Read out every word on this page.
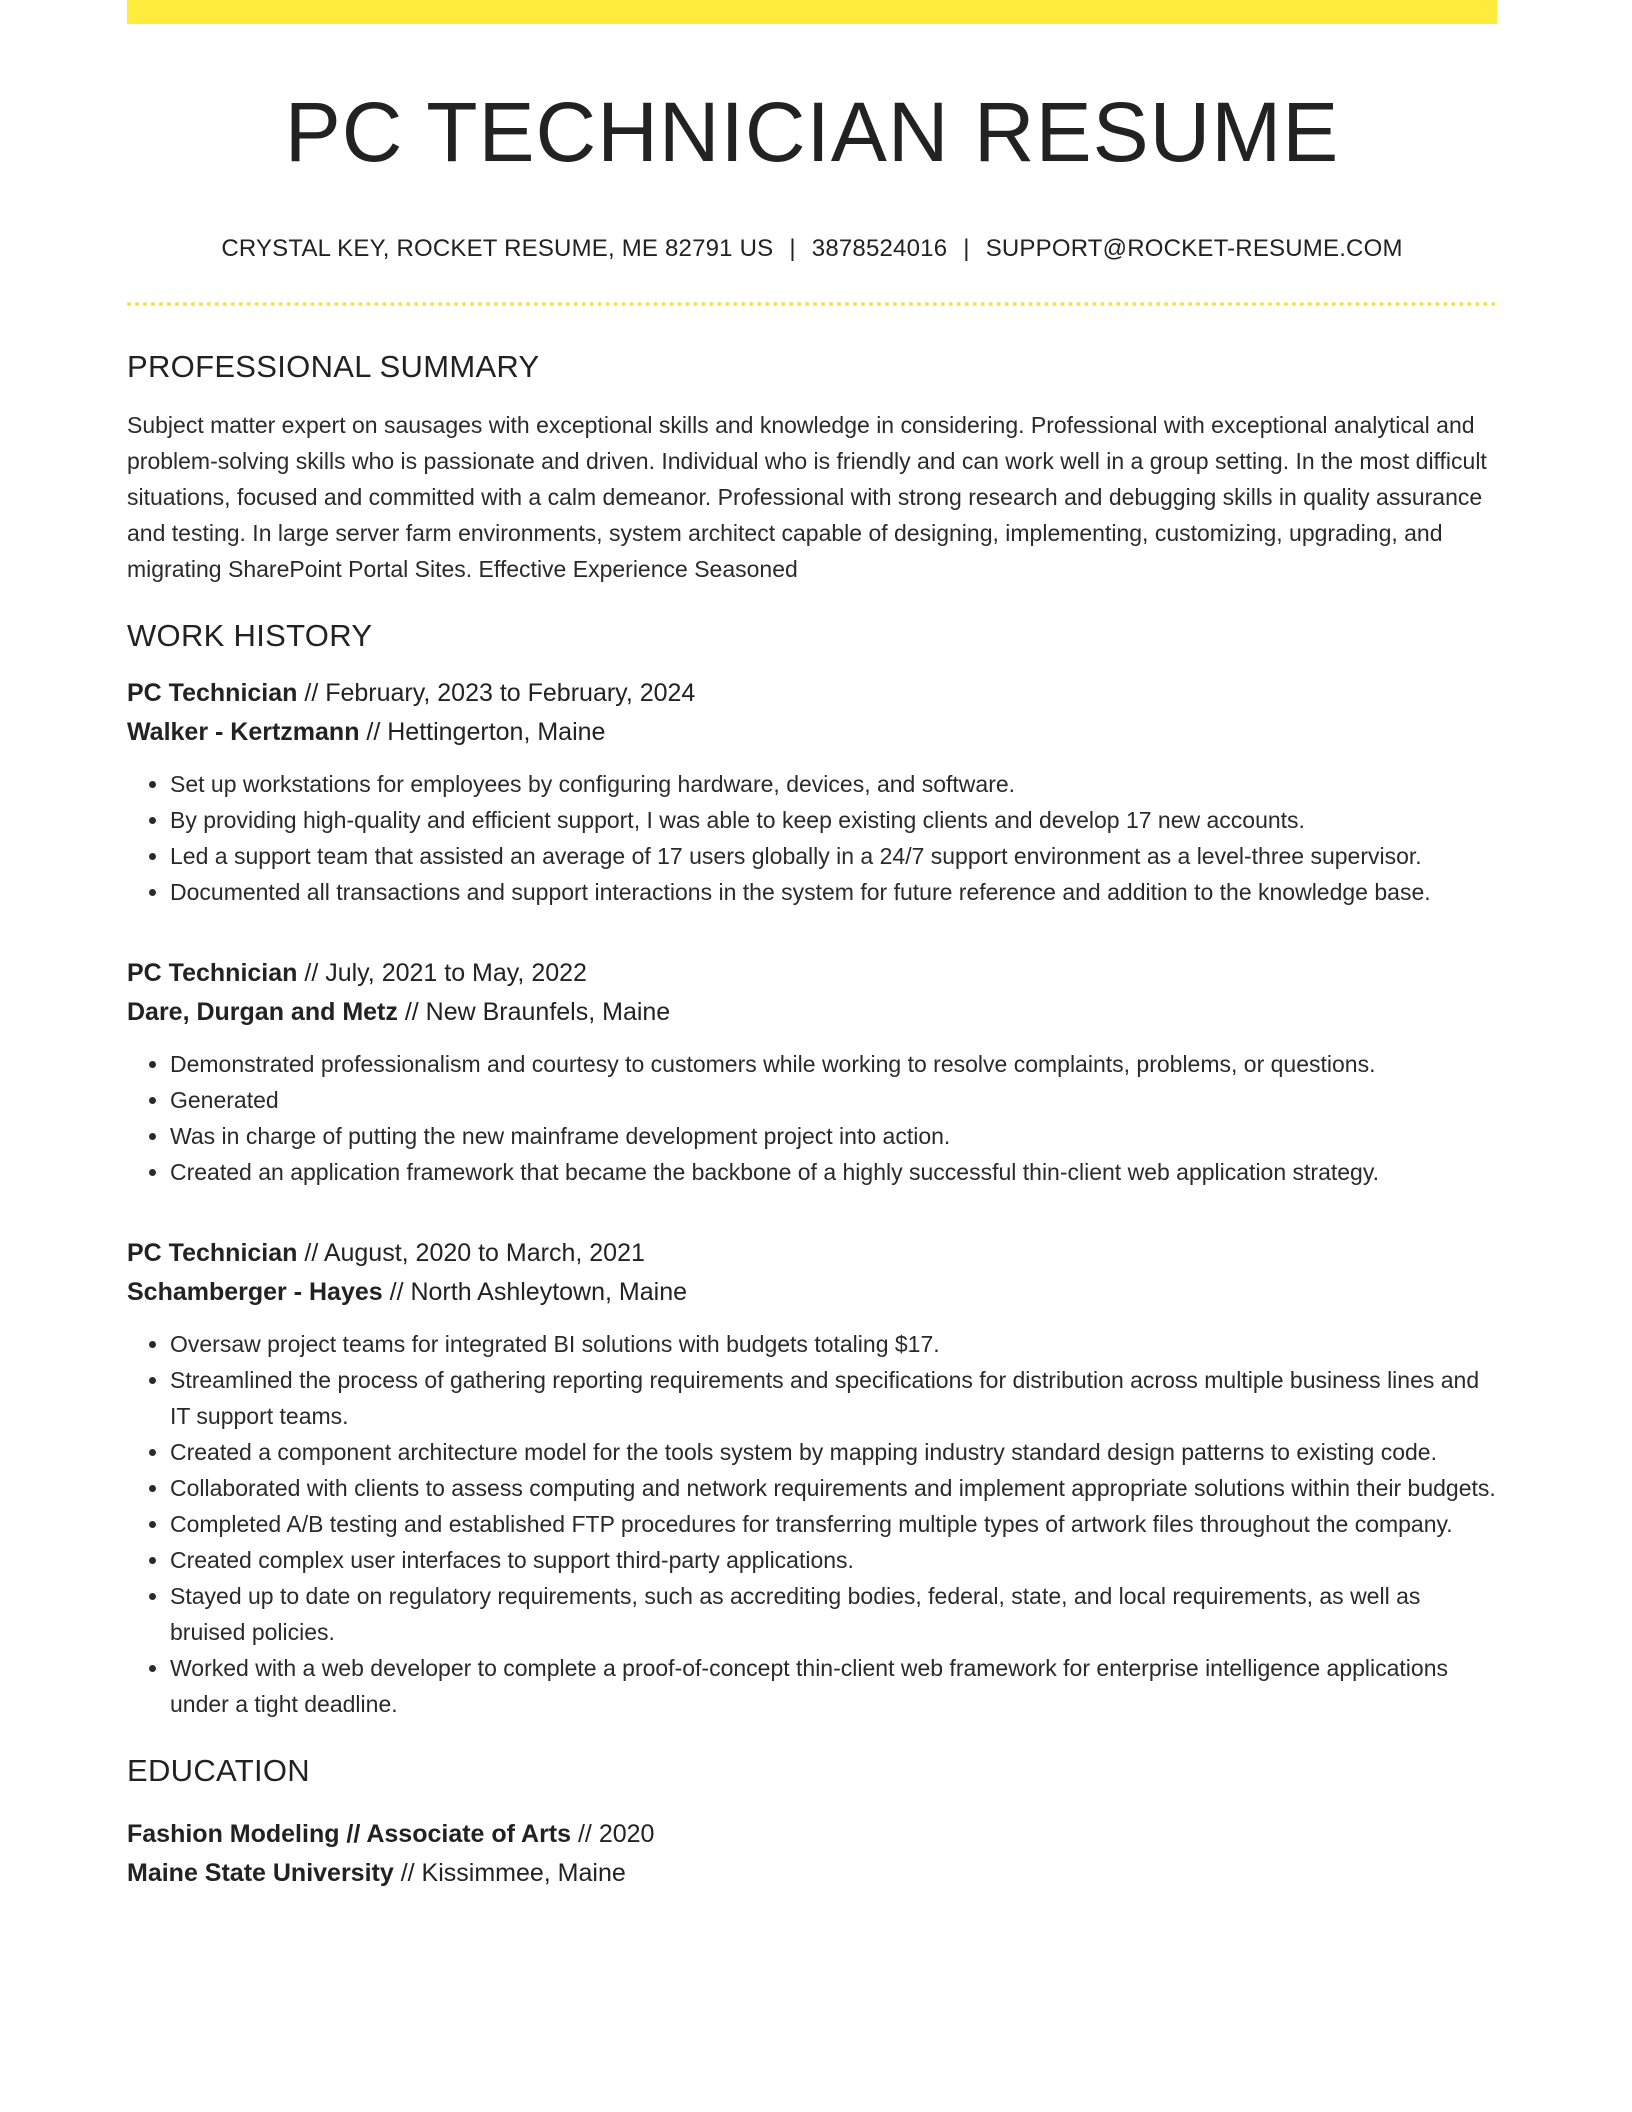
PC TECHNICIAN RESUME
CRYSTAL KEY, ROCKET RESUME, ME 82791 US | 3878524016 | SUPPORT@ROCKET-RESUME.COM
PROFESSIONAL SUMMARY
Subject matter expert on sausages with exceptional skills and knowledge in considering. Professional with exceptional analytical and problem-solving skills who is passionate and driven. Individual who is friendly and can work well in a group setting. In the most difficult situations, focused and committed with a calm demeanor. Professional with strong research and debugging skills in quality assurance and testing. In large server farm environments, system architect capable of designing, implementing, customizing, upgrading, and migrating SharePoint Portal Sites. Effective Experience Seasoned
WORK HISTORY
PC Technician // February, 2023 to February, 2024
Walker - Kertzmann // Hettingerton, Maine
• Set up workstations for employees by configuring hardware, devices, and software.
• By providing high-quality and efficient support, I was able to keep existing clients and develop 17 new accounts.
• Led a support team that assisted an average of 17 users globally in a 24/7 support environment as a level-three supervisor.
• Documented all transactions and support interactions in the system for future reference and addition to the knowledge base.
PC Technician // July, 2021 to May, 2022
Dare, Durgan and Metz // New Braunfels, Maine
• Demonstrated professionalism and courtesy to customers while working to resolve complaints, problems, or questions.
• Generated
• Was in charge of putting the new mainframe development project into action.
• Created an application framework that became the backbone of a highly successful thin-client web application strategy.
PC Technician // August, 2020 to March, 2021
Schamberger - Hayes // North Ashleytown, Maine
• Oversaw project teams for integrated BI solutions with budgets totaling $17.
• Streamlined the process of gathering reporting requirements and specifications for distribution across multiple business lines and IT support teams.
• Created a component architecture model for the tools system by mapping industry standard design patterns to existing code.
• Collaborated with clients to assess computing and network requirements and implement appropriate solutions within their budgets.
• Completed A/B testing and established FTP procedures for transferring multiple types of artwork files throughout the company.
• Created complex user interfaces to support third-party applications.
• Stayed up to date on regulatory requirements, such as accrediting bodies, federal, state, and local requirements, as well as bruised policies.
• Worked with a web developer to complete a proof-of-concept thin-client web framework for enterprise intelligence applications under a tight deadline.
EDUCATION
Fashion Modeling // Associate of Arts // 2020
Maine State University // Kissimmee, Maine
